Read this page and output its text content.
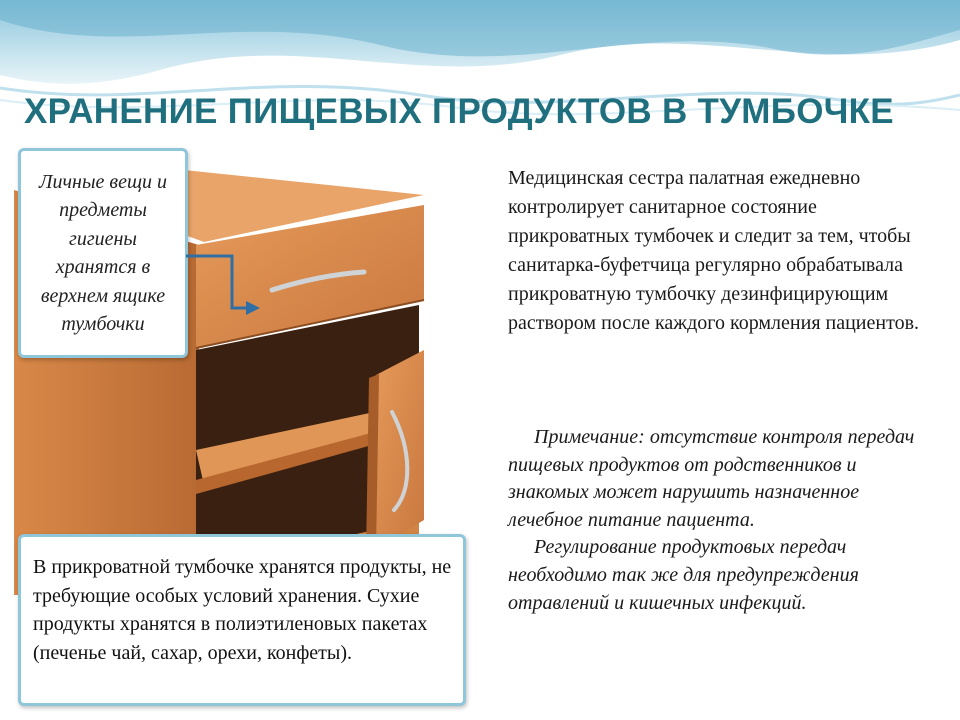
ХРАНЕНИЕ ПИЩЕВЫХ ПРОДУКТОВ В ТУМБОЧКЕ
Личные вещи и предметы гигиены хранятся в верхнем ящике тумбочки
В прикроватной тумбочке хранятся продукты, не требующие особых условий хранения. Сухие продукты хранятся в полиэтиленовых пакетах (печенье чай, сахар, орехи, конфеты).

Медицинская сестра палатная ежедневно контролирует санитарное состояние прикроватных тумбочек и следит за тем, чтобы санитарка-буфетчица регулярно обрабатывала прикроватную тумбочку дезинфицирующим раствором после каждого кормления пациентов.

Примечание: отсутствие контроля передач пищевых продуктов от родственников и знакомых может нарушить назначенное лечебное питание пациента.

Регулирование продуктовых передач необходимо так же для предупреждения отравлений и кишечных инфекций.
